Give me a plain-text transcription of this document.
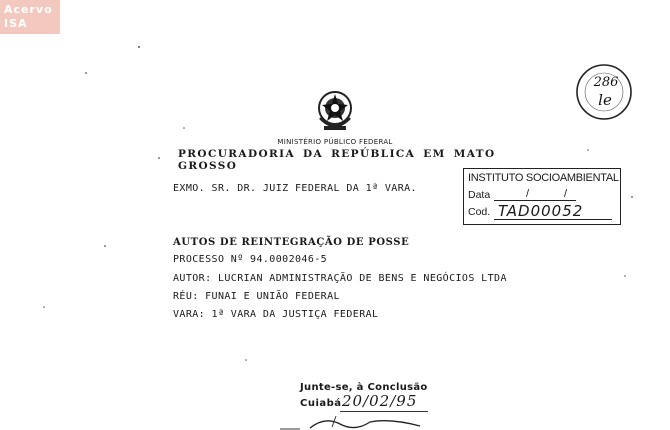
Acervo
ISA
MINISTÉRIO PÚBLICO FEDERAL
PROCURADORIA DA REPÚBLICA EM MATO GROSSO
286
le
INSTITUTO SOCIOAMBIENTAL
Data	/	/
Cod. TAD00052
EXMO. SR. DR. JUIZ FEDERAL DA 1ª VARA.
AUTOS DE REINTEGRAÇÃO DE POSSE
PROCESSO Nº 94.0002046-5
AUTOR: LUCRIAN ADMINISTRAÇÃO DE BENS E NEGÓCIOS LTDA
RÉU: FUNAI E UNIÃO FEDERAL
VARA: 1ª VARA DA JUSTIÇA FEDERAL
Junte-se, à Conclusão
Cuiabá 20/02/95
